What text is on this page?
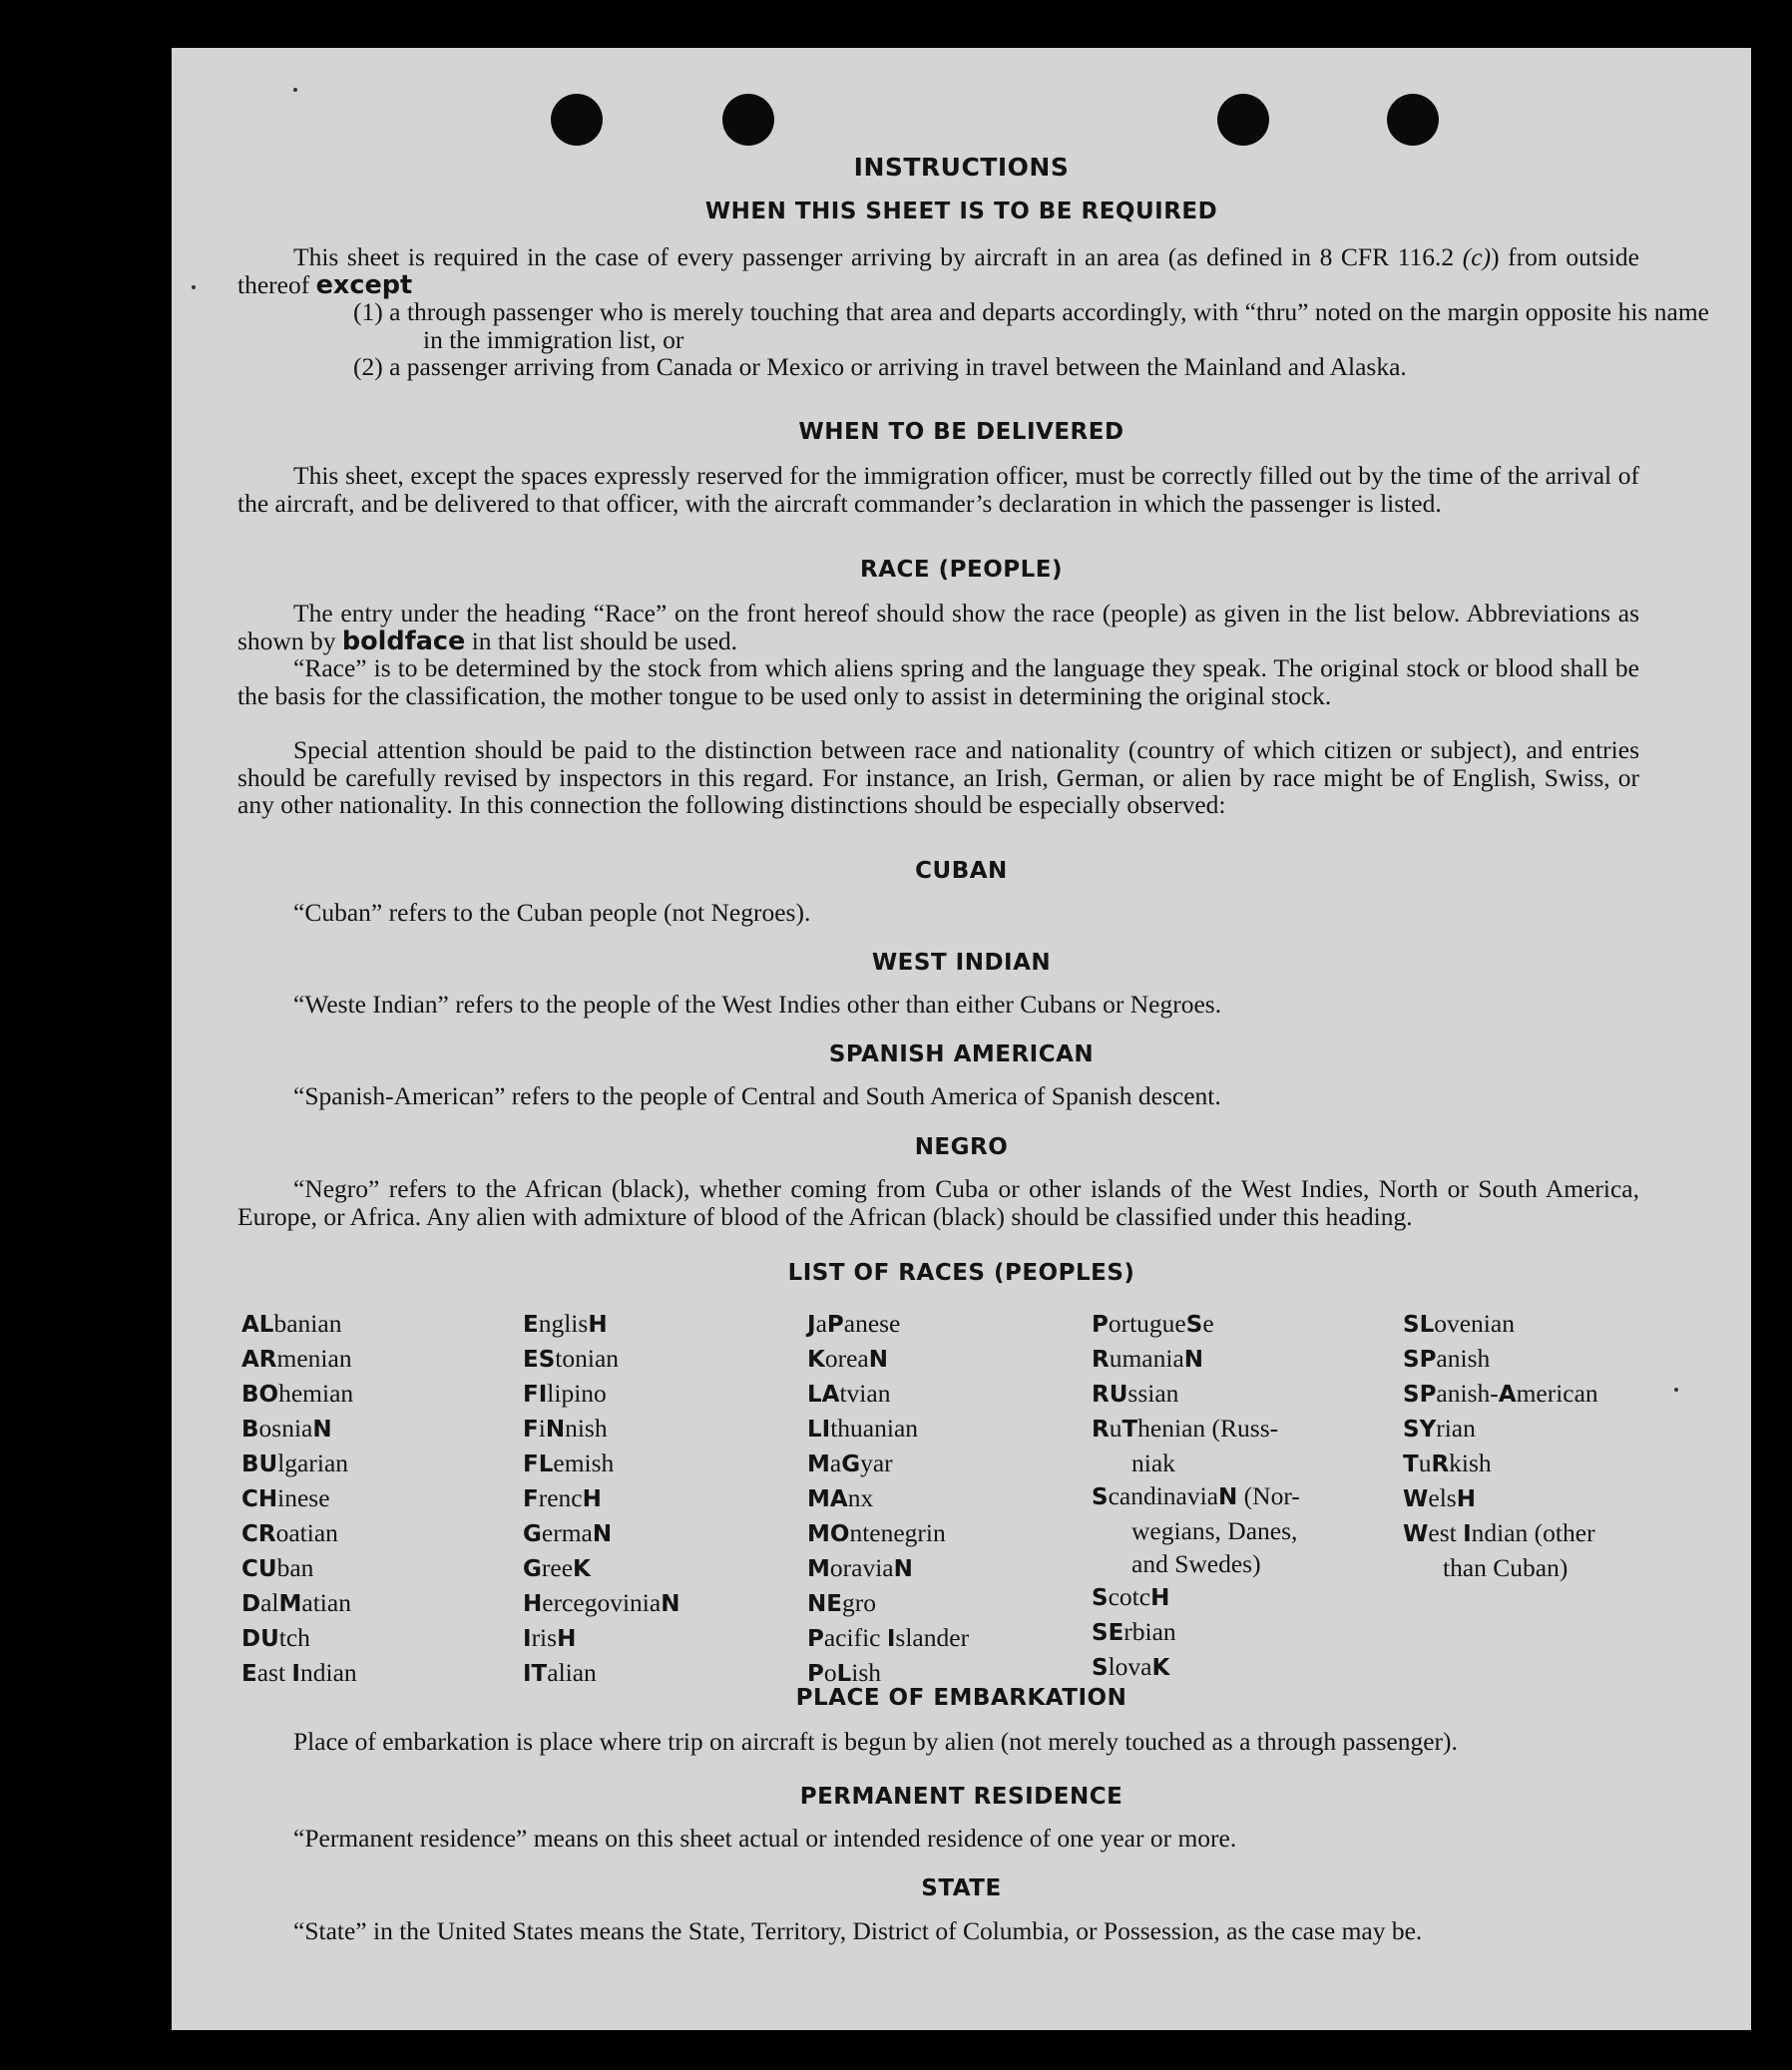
INSTRUCTIONS
WHEN THIS SHEET IS TO BE REQUIRED
This sheet is required in the case of every passenger arriving by aircraft in an area (as defined in 8 CFR 116.2 (c)) from outside thereof except
(1) a through passenger who is merely touching that area and departs accordingly, with “thru” noted on the margin opposite his name in the immigration list, or
(2) a passenger arriving from Canada or Mexico or arriving in travel between the Mainland and Alaska.
WHEN TO BE DELIVERED
This sheet, except the spaces expressly reserved for the immigration officer, must be correctly filled out by the time of the arrival of the aircraft, and be delivered to that officer, with the aircraft commander’s declaration in which the passenger is listed.
RACE (PEOPLE)
The entry under the heading “Race” on the front hereof should show the race (people) as given in the list below. Abbreviations as shown by boldface in that list should be used.
“Race” is to be determined by the stock from which aliens spring and the language they speak. The original stock or blood shall be the basis for the classification, the mother tongue to be used only to assist in determining the original stock.
Special attention should be paid to the distinction between race and nationality (country of which citizen or subject), and entries should be carefully revised by inspectors in this regard. For instance, an Irish, German, or alien by race might be of English, Swiss, or any other nationality. In this connection the following distinctions should be especially observed:
CUBAN
“Cuban” refers to the Cuban people (not Negroes).
WEST INDIAN
“Weste Indian” refers to the people of the West Indies other than either Cubans or Negroes.
SPANISH AMERICAN
“Spanish-American” refers to the people of Central and South America of Spanish descent.
NEGRO
“Negro” refers to the African (black), whether coming from Cuba or other islands of the West Indies, North or South America, Europe, or Africa. Any alien with admixture of blood of the African (black) should be classified under this heading.
LIST OF RACES (PEOPLES)
ALbanian
ARmenian
BOhemian
BosniaN
BUlgarian
CHinese
CRoatian
CUban
DalMatian
DUtch
East Indian
EnglisH
EStonian
FIlipino
FiNnish
FLemish
FrencH
GermaN
GreeK
HercegoviniaN
IrisH
ITalian
JaPanese
KoreaN
LAtvian
LIthuanian
MaGyar
MAnx
MOntenegrin
MoraviaN
NEgro
Pacific Islander
PoLish
PortugueSe
RumaniaN
RUssian
RuThenian (Russ-
niak
ScandinaviaN (Nor-
wegians, Danes,
and Swedes)
ScotcH
SErbian
SlovaK
SLovenian
SPanish
SPanish-American
SYrian
TuRkish
WelsH
West Indian (other
than Cuban)
PLACE OF EMBARKATION
Place of embarkation is place where trip on aircraft is begun by alien (not merely touched as a through passenger).
PERMANENT RESIDENCE
“Permanent residence” means on this sheet actual or intended residence of one year or more.
STATE
“State” in the United States means the State, Territory, District of Columbia, or Possession, as the case may be.
